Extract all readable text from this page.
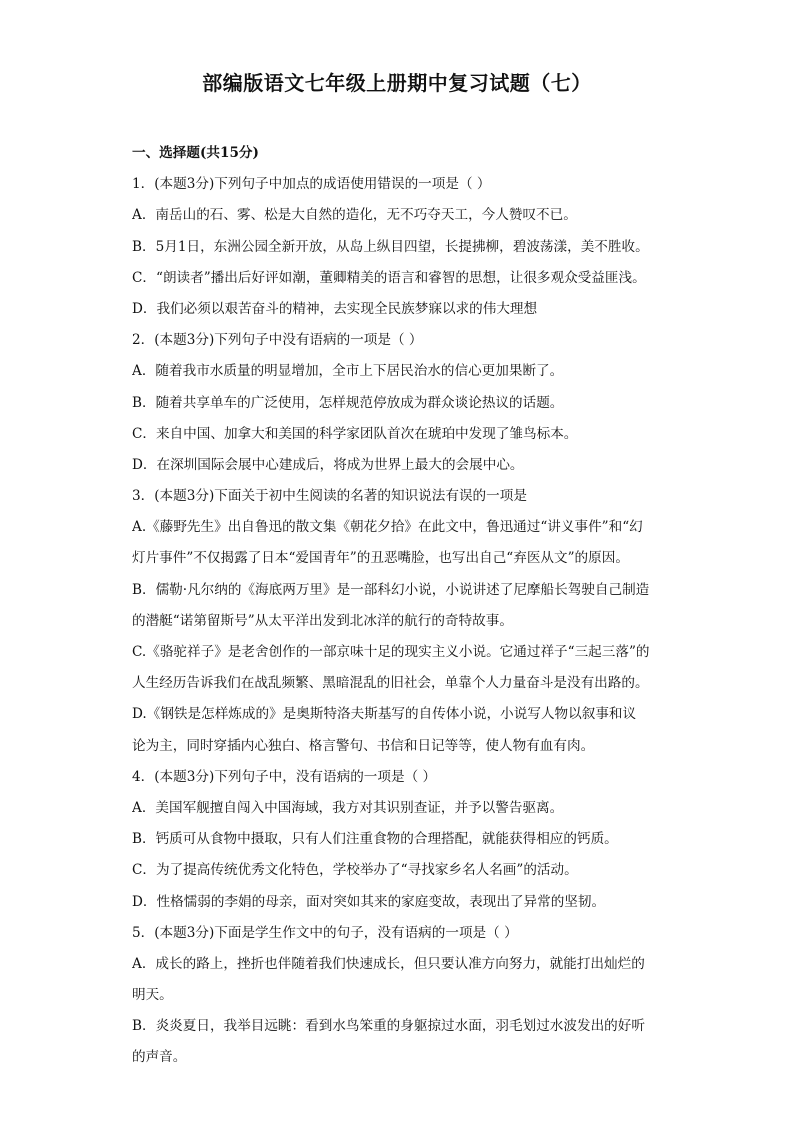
部编版语文七年级上册期中复习试题（七）
一、选择题(共15分)
1．(本题3分)下列句子中加点的成语使用错误的一项是（ ）
A．南岳山的石、雾、松是大自然的造化，无不巧夺天工，今人赞叹不已。
B．5月1日，东洲公园全新开放，从岛上纵目四望，长提拂柳，碧波荡漾，美不胜收。
C．“朗读者”播出后好评如潮，董卿精美的语言和睿智的思想，让很多观众受益匪浅。
D．我们必须以艰苦奋斗的精神，去实现全民族梦寐以求的伟大理想
2．(本题3分)下列句子中没有语病的一项是（ ）
A．随着我市水质量的明显增加，全市上下居民治水的信心更加果断了。
B．随着共享单车的广泛使用，怎样规范停放成为群众谈论热议的话题。
C．来自中国、加拿大和美国的科学家团队首次在琥珀中发现了雏鸟标本。
D．在深圳国际会展中心建成后，将成为世界上最大的会展中心。
3．(本题3分)下面关于初中生阅读的名著的知识说法有误的一项是
A.《藤野先生》出自鲁迅的散文集《朝花夕拾》在此文中，鲁迅通过“讲义事件”和“幻
灯片事件”不仅揭露了日本“爱国青年”的丑恶嘴脸，也写出自己“弃医从文”的原因。
B．儒勒·凡尔纳的《海底两万里》是一部科幻小说，小说讲述了尼摩船长驾驶自己制造
的潜艇“诺第留斯号”从太平洋出发到北冰洋的航行的奇特故事。
C.《骆驼祥子》是老舍创作的一部京味十足的现实主义小说。它通过祥子“三起三落”的
人生经历告诉我们在战乱频繁、黑暗混乱的旧社会，单靠个人力量奋斗是没有出路的。
D.《钢铁是怎样炼成的》是奥斯特洛夫斯基写的自传体小说，小说写人物以叙事和议
论为主，同时穿插内心独白、格言警句、书信和日记等等，使人物有血有肉。
4．(本题3分)下列句子中，没有语病的一项是（ ）
A．美国军舰擅自闯入中国海域，我方对其识别查证，并予以警告驱离。
B．钙质可从食物中摄取，只有人们注重食物的合理搭配，就能获得相应的钙质。
C．为了提高传统优秀文化特色，学校举办了“寻找家乡名人名画”的活动。
D．性格懦弱的李娟的母亲，面对突如其来的家庭变故，表现出了异常的坚韧。
5．(本题3分)下面是学生作文中的句子，没有语病的一项是（ ）
A．成长的路上，挫折也伴随着我们快速成长，但只要认准方向努力，就能打出灿烂的
明天。
B．炎炎夏日，我举目远眺：看到水鸟笨重的身躯掠过水面，羽毛划过水波发出的好听
的声音。
